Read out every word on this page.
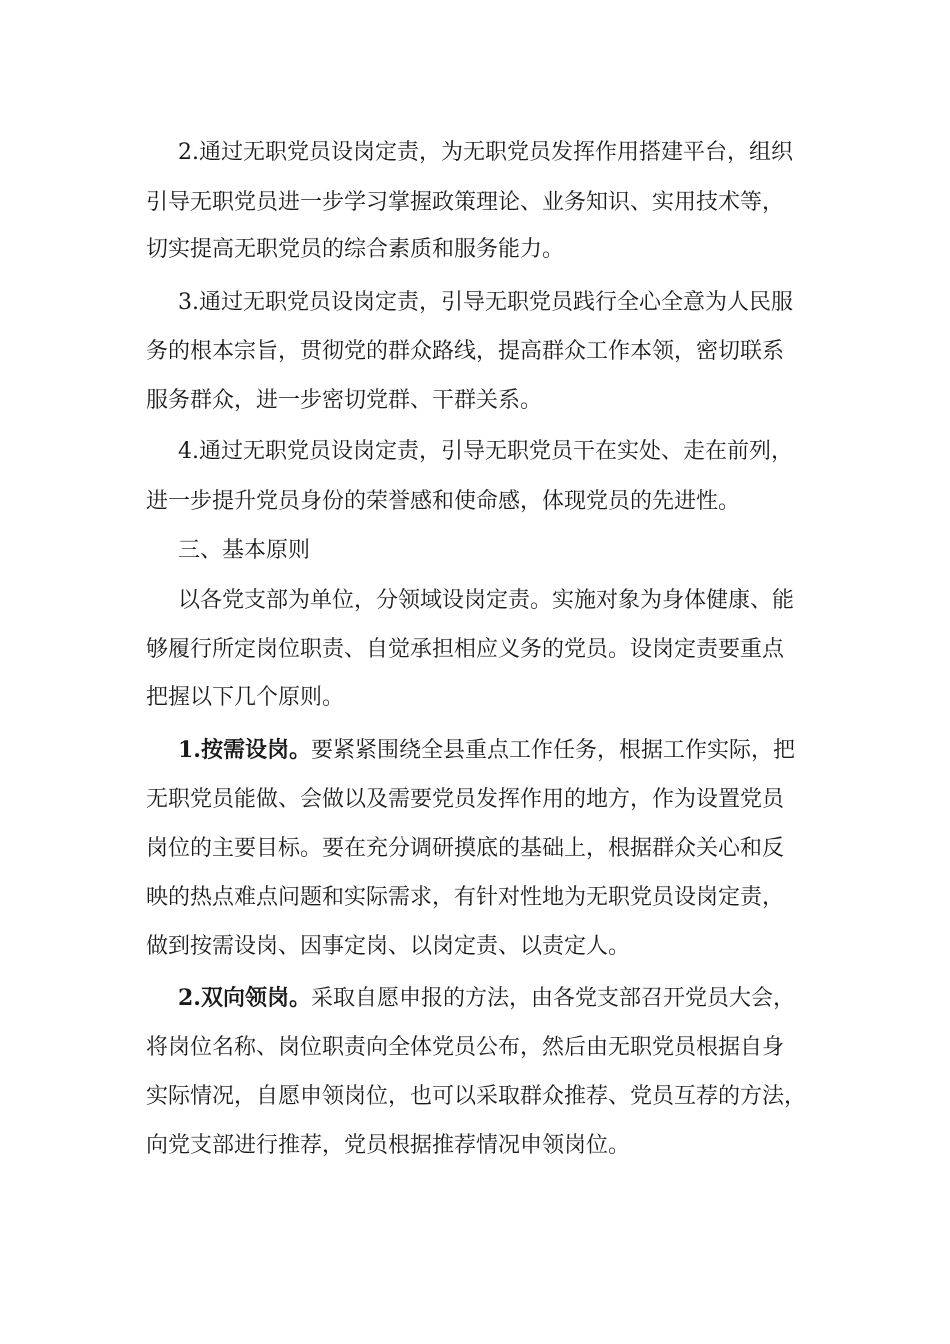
2.通过无职党员设岗定责，为无职党员发挥作用搭建平台，组织
引导无职党员进一步学习掌握政策理论、业务知识、实用技术等，
切实提高无职党员的综合素质和服务能力。
3.通过无职党员设岗定责，引导无职党员践行全心全意为人民服
务的根本宗旨，贯彻党的群众路线，提高群众工作本领，密切联系
服务群众，进一步密切党群、干群关系。
4.通过无职党员设岗定责，引导无职党员干在实处、走在前列，
进一步提升党员身份的荣誉感和使命感，体现党员的先进性。
三、基本原则
以各党支部为单位，分领域设岗定责。实施对象为身体健康、能
够履行所定岗位职责、自觉承担相应义务的党员。设岗定责要重点
把握以下几个原则。
1.按需设岗。要紧紧围绕全县重点工作任务，根据工作实际，把
无职党员能做、会做以及需要党员发挥作用的地方，作为设置党员
岗位的主要目标。要在充分调研摸底的基础上，根据群众关心和反
映的热点难点问题和实际需求，有针对性地为无职党员设岗定责，
做到按需设岗、因事定岗、以岗定责、以责定人。
2.双向领岗。采取自愿申报的方法，由各党支部召开党员大会，
将岗位名称、岗位职责向全体党员公布，然后由无职党员根据自身
实际情况，自愿申领岗位，也可以采取群众推荐、党员互荐的方法，
向党支部进行推荐，党员根据推荐情况申领岗位。
